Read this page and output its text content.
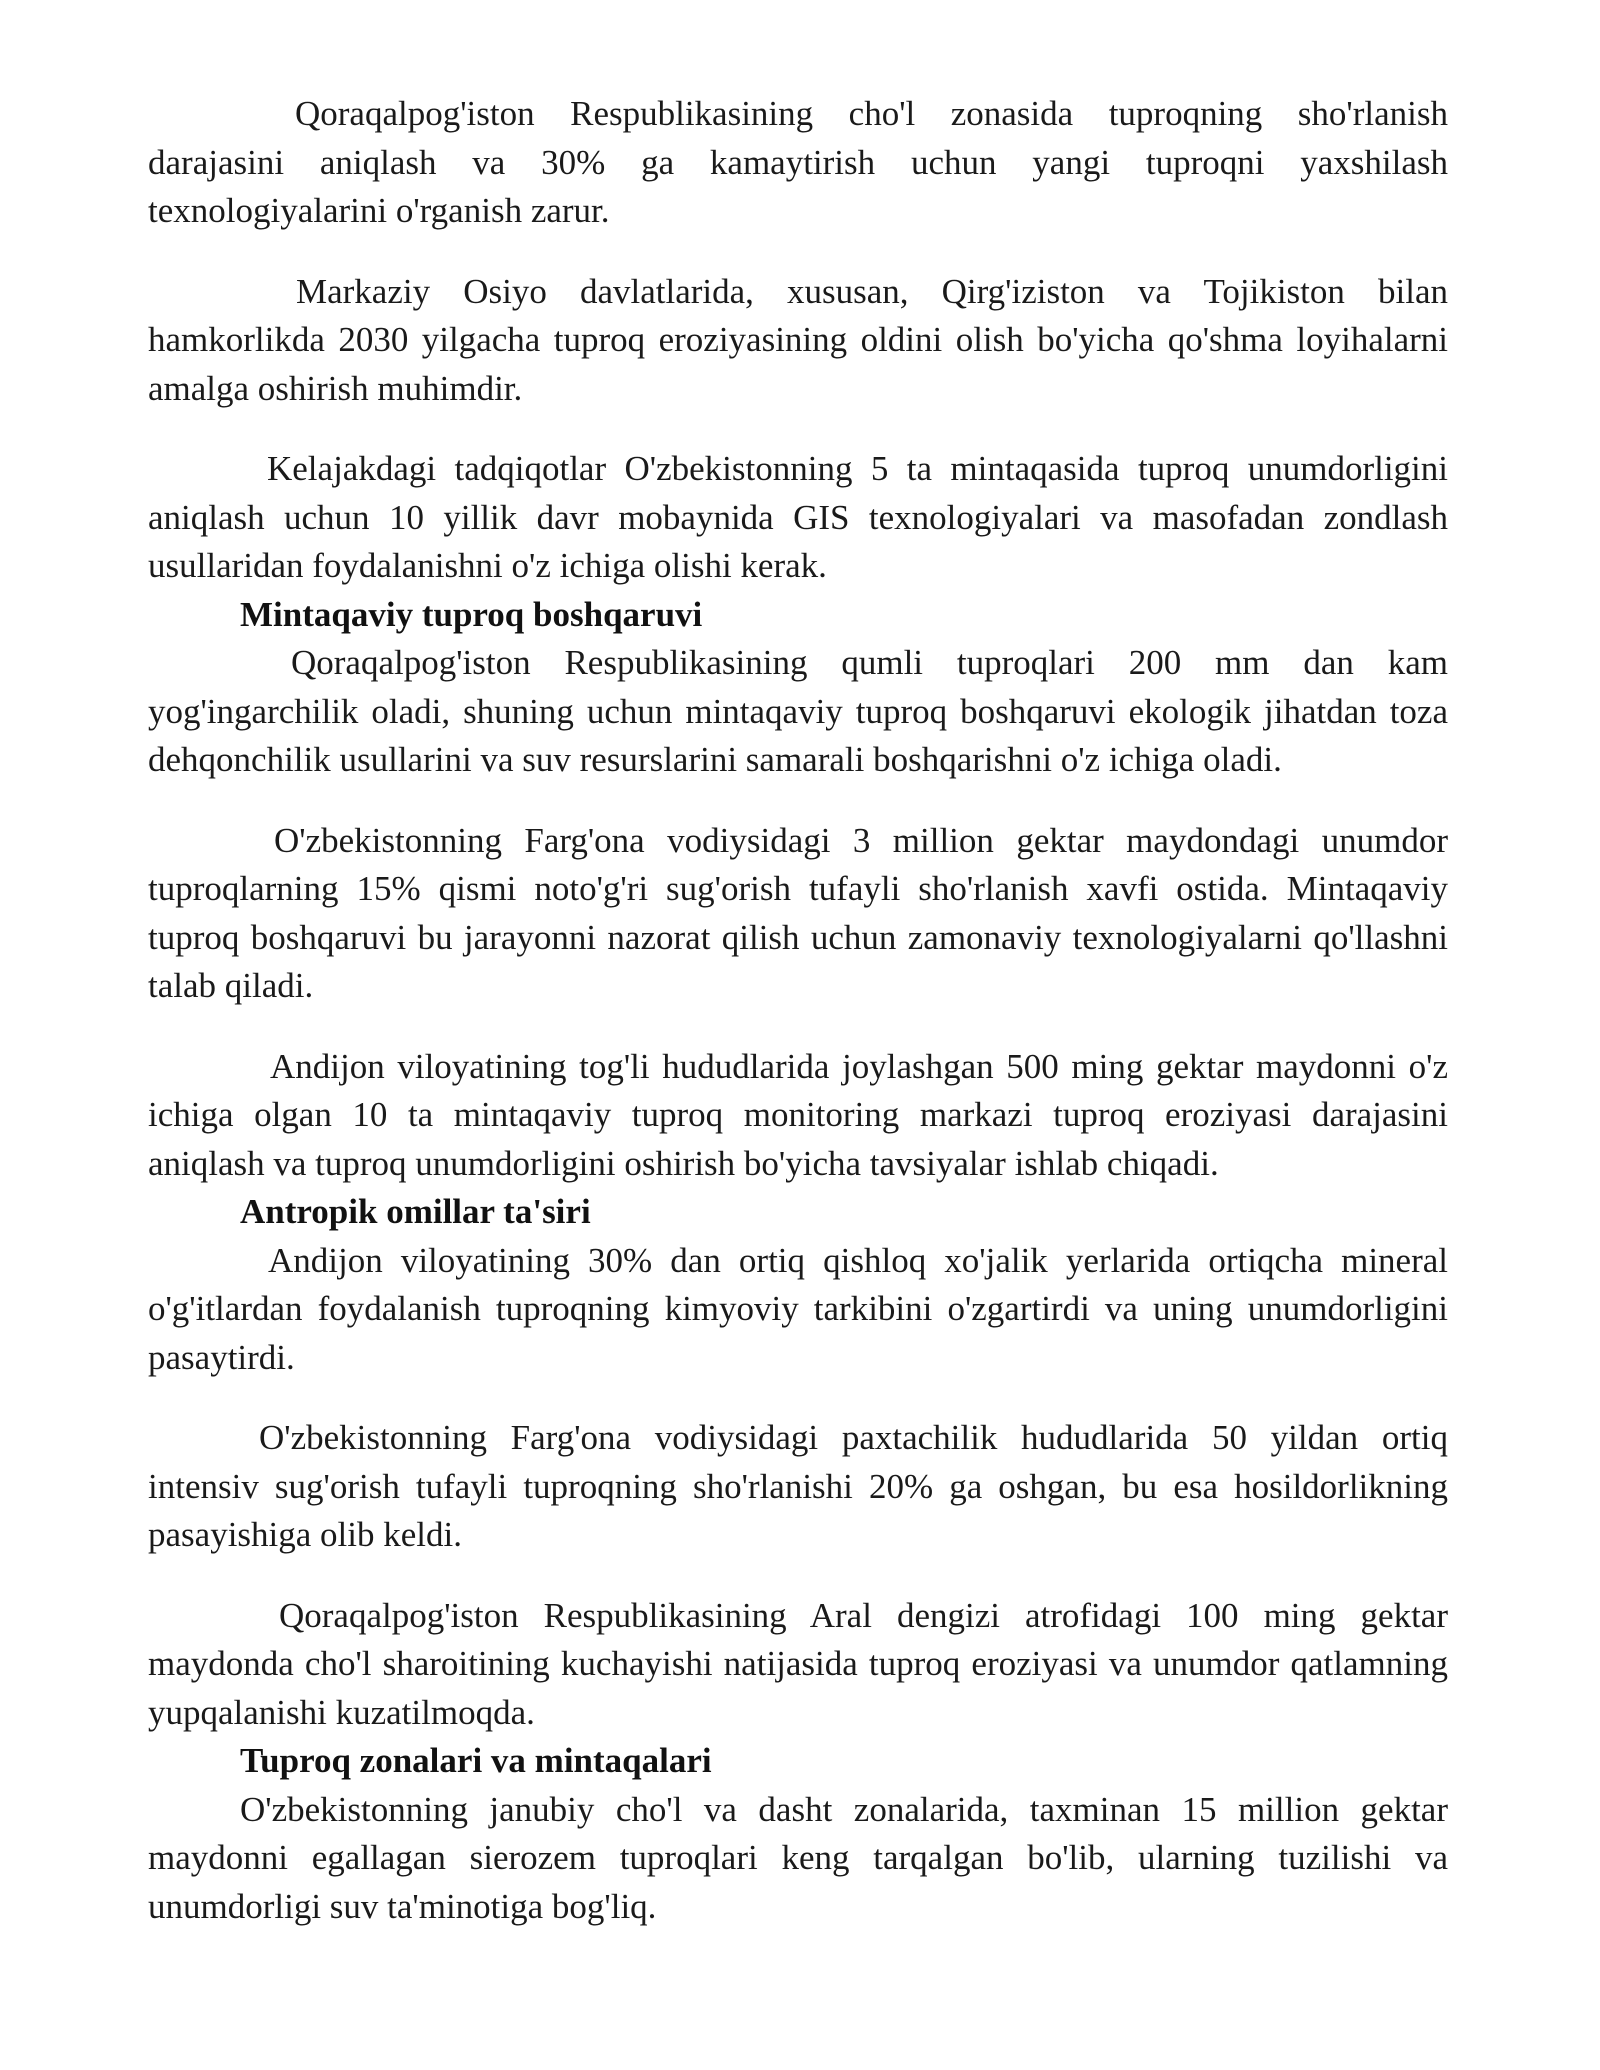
Qoraqalpog'iston Respublikasining cho'l zonasida tuproqning sho'rlanish darajasini aniqlash va 30% ga kamaytirish uchun yangi tuproqni yaxshilash texnologiyalarini o'rganish zarur.

Markaziy Osiyo davlatlarida, xususan, Qirg'iziston va Tojikiston bilan hamkorlikda 2030 yilgacha tuproq eroziyasining oldini olish bo'yicha qo'shma loyihalarni amalga oshirish muhimdir.

Kelajakdagi tadqiqotlar O'zbekistonning 5 ta mintaqasida tuproq unumdorligini aniqlash uchun 10 yillik davr mobaynida GIS texnologiyalari va masofadan zondlash usullaridan foydalanishni o'z ichiga olishi kerak.

Mintaqaviy tuproq boshqaruvi

Qoraqalpog'iston Respublikasining qumli tuproqlari 200 mm dan kam yog'ingarchilik oladi, shuning uchun mintaqaviy tuproq boshqaruvi ekologik jihatdan toza dehqonchilik usullarini va suv resurslarini samarali boshqarishni o'z ichiga oladi.

O'zbekistonning Farg'ona vodiysidagi 3 million gektar maydondagi unumdor tuproqlarning 15% qismi noto'g'ri sug'orish tufayli sho'rlanish xavfi ostida. Mintaqaviy tuproq boshqaruvi bu jarayonni nazorat qilish uchun zamonaviy texnologiyalarni qo'llashni talab qiladi.

Andijon viloyatining tog'li hududlarida joylashgan 500 ming gektar maydonni o'z ichiga olgan 10 ta mintaqaviy tuproq monitoring markazi tuproq eroziyasi darajasini aniqlash va tuproq unumdorligini oshirish bo'yicha tavsiyalar ishlab chiqadi.

Antropik omillar ta'siri

Andijon viloyatining 30% dan ortiq qishloq xo'jalik yerlarida ortiqcha mineral o'g'itlardan foydalanish tuproqning kimyoviy tarkibini o'zgartirdi va uning unumdorligini pasaytirdi.

O'zbekistonning Farg'ona vodiysidagi paxtachilik hududlarida 50 yildan ortiq intensiv sug'orish tufayli tuproqning sho'rlanishi 20% ga oshgan, bu esa hosildorlikning pasayishiga olib keldi.

Qoraqalpog'iston Respublikasining Aral dengizi atrofidagi 100 ming gektar maydonda cho'l sharoitining kuchayishi natijasida tuproq eroziyasi va unumdor qatlamning yupqalanishi kuzatilmoqda.

Tuproq zonalari va mintaqalari

O'zbekistonning janubiy cho'l va dasht zonalarida, taxminan 15 million gektar maydonni egallagan sierozem tuproqlari keng tarqalgan bo'lib, ularning tuzilishi va unumdorligi suv ta'minotiga bog'liq.
